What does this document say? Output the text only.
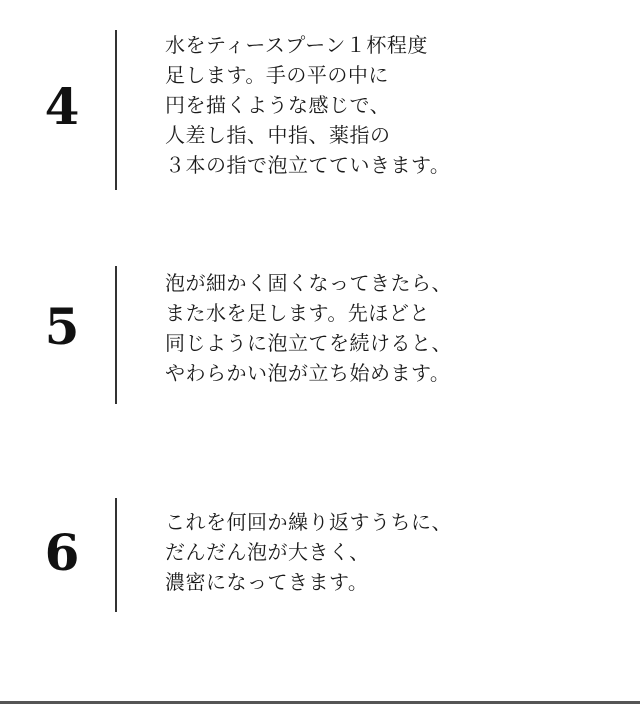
4

水をティースプーン１杯程度
足します。手の平の中に
円を描くような感じで、
人差し指、中指、薬指の
３本の指で泡立てていきます。

5

泡が細かく固くなってきたら、
また水を足します。先ほどと
同じように泡立てを続けると、
やわらかい泡が立ち始めます。

6

これを何回か繰り返すうちに、
だんだん泡が大きく、
濃密になってきます。
